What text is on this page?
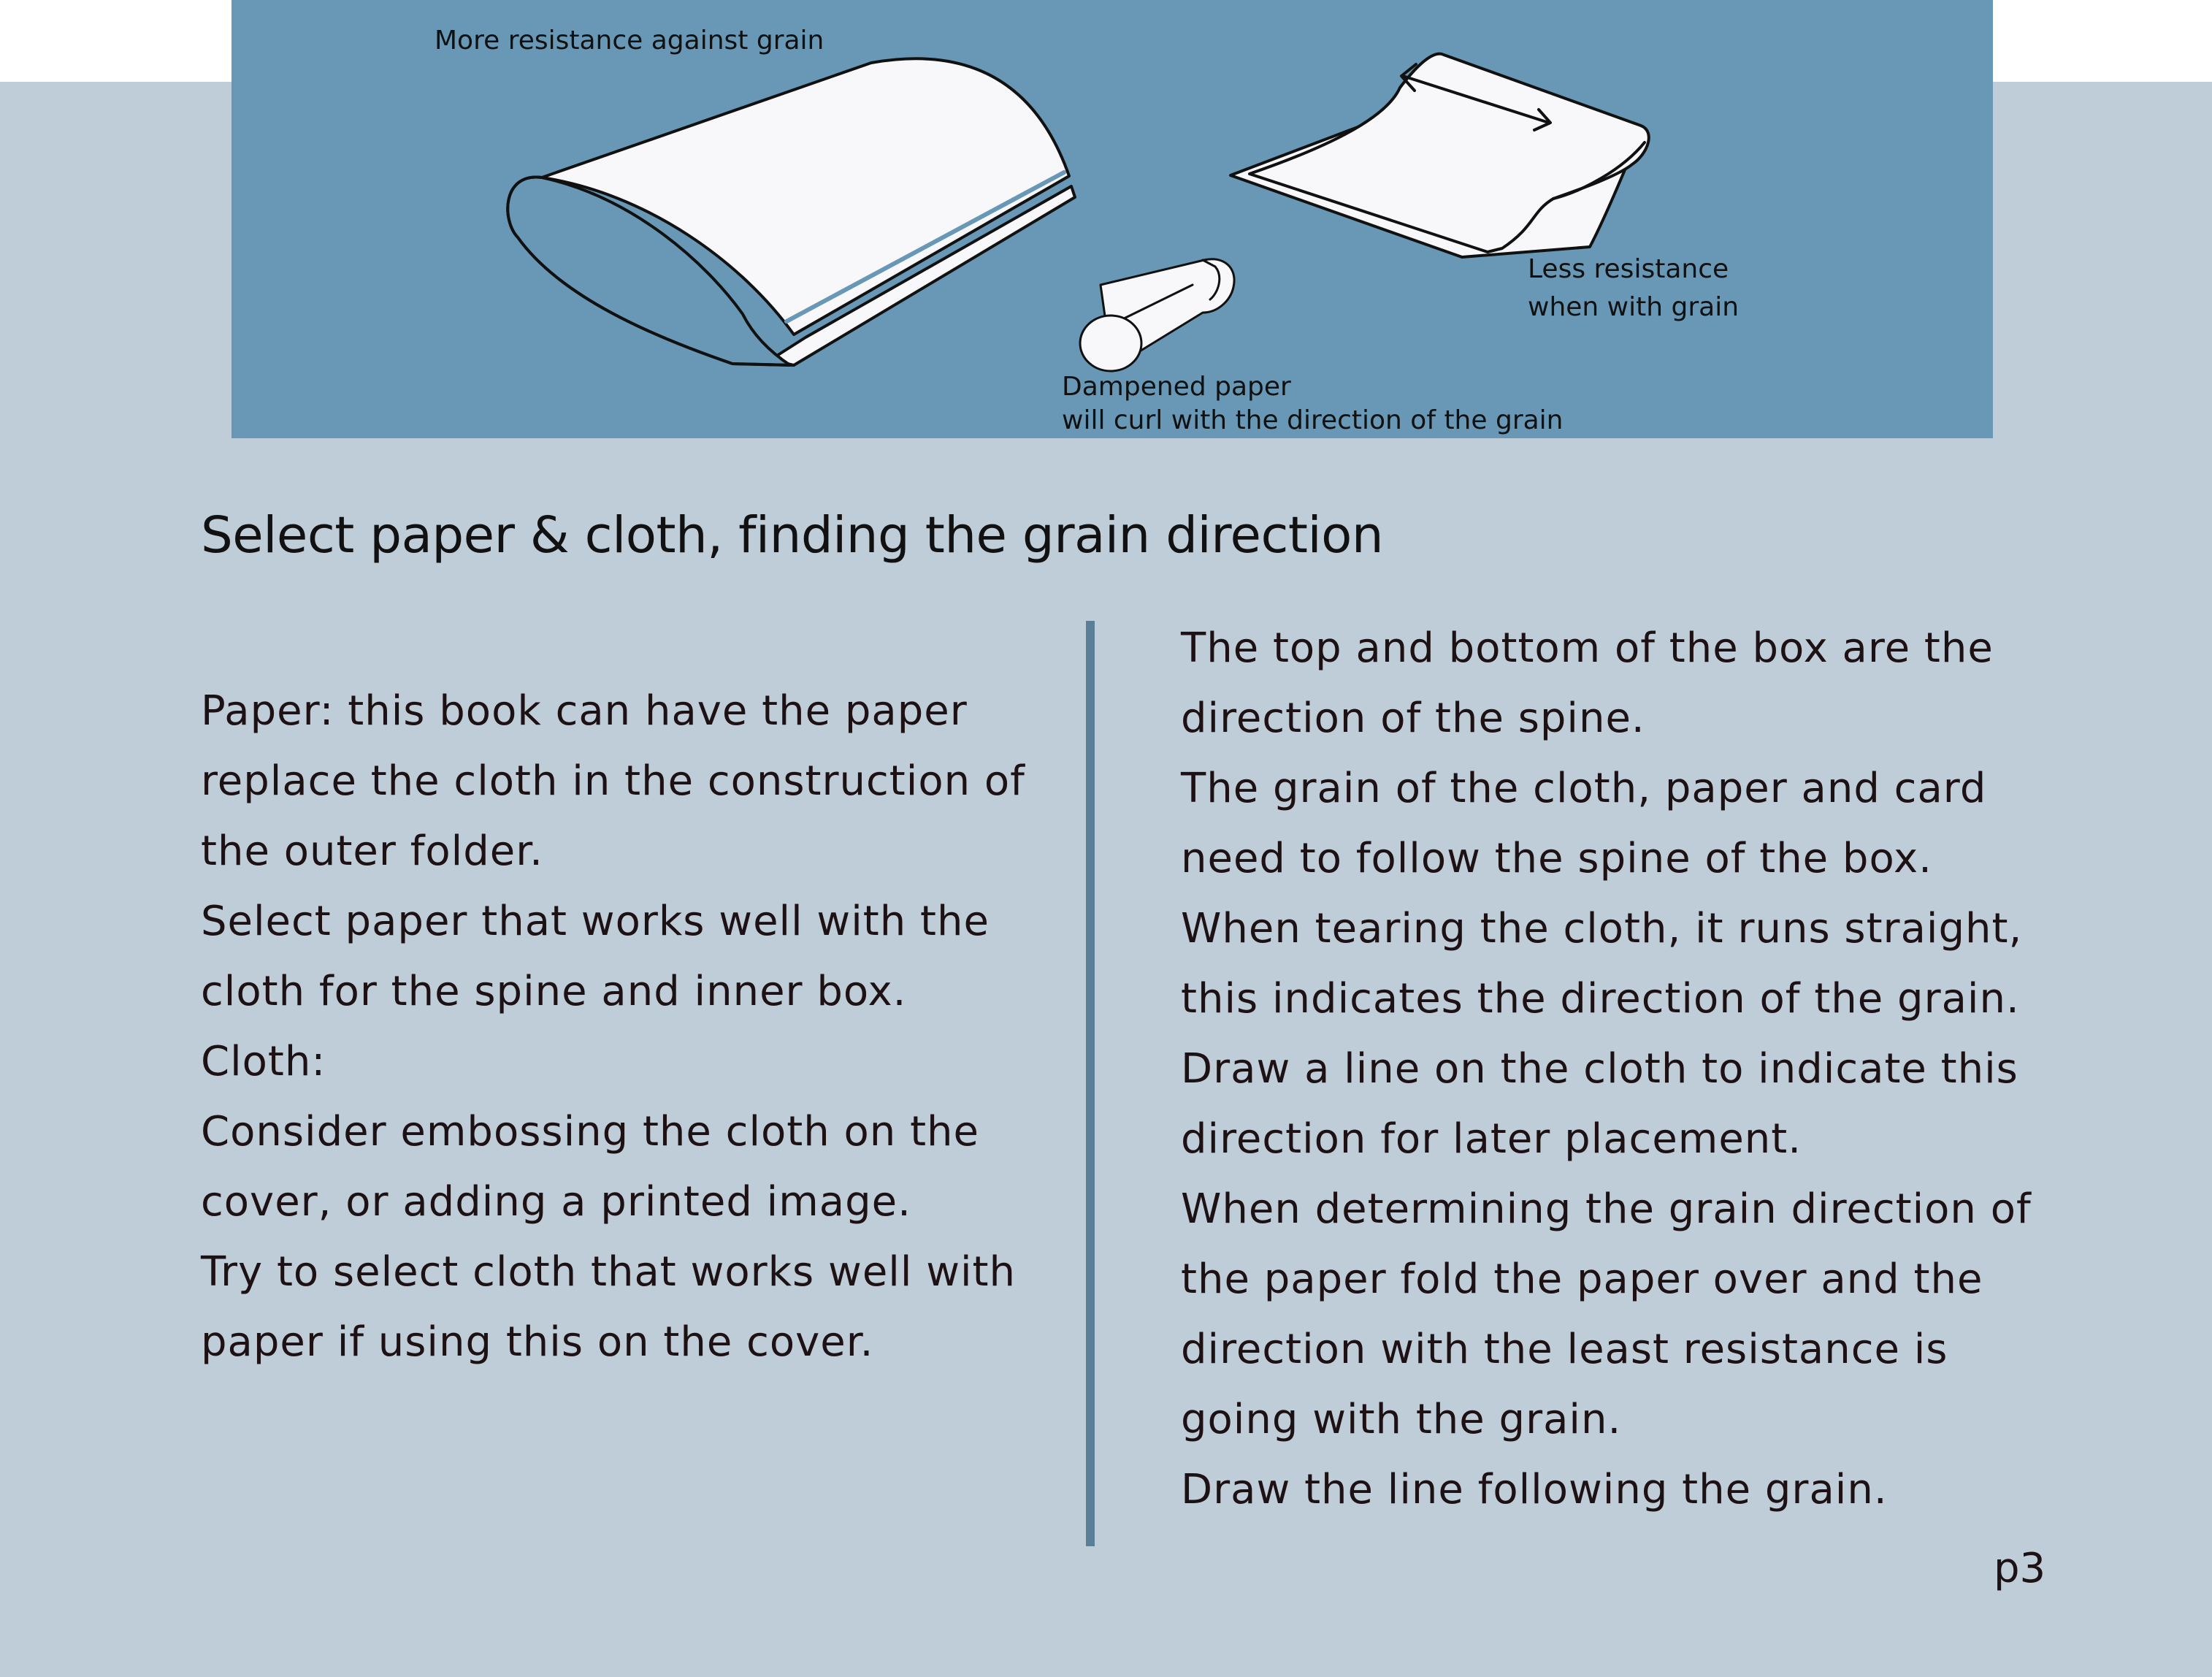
More resistance against grain
Less resistance
when with grain
Dampened paper
will curl with the direction of the grain
Select paper & cloth, finding the grain direction

Paper: this book can have the paper

replace the cloth in the construction of

the outer folder.

Select paper that works well with the

cloth for the spine and inner box.

Cloth:

Consider embossing the cloth on the

cover, or adding a printed image.

Try to select cloth that works well with

paper if using this on the cover.

The top and bottom of the box are the

direction of the spine.

The grain of the cloth, paper and card

need to follow the spine of the box.

When tearing the cloth, it runs straight,

this indicates the direction of the grain.

Draw a line on the cloth to indicate this

direction for later placement.

When determining the grain direction of

the paper fold the paper over and the

direction with the least resistance is

going with the grain.

Draw the line following the grain.

p3
